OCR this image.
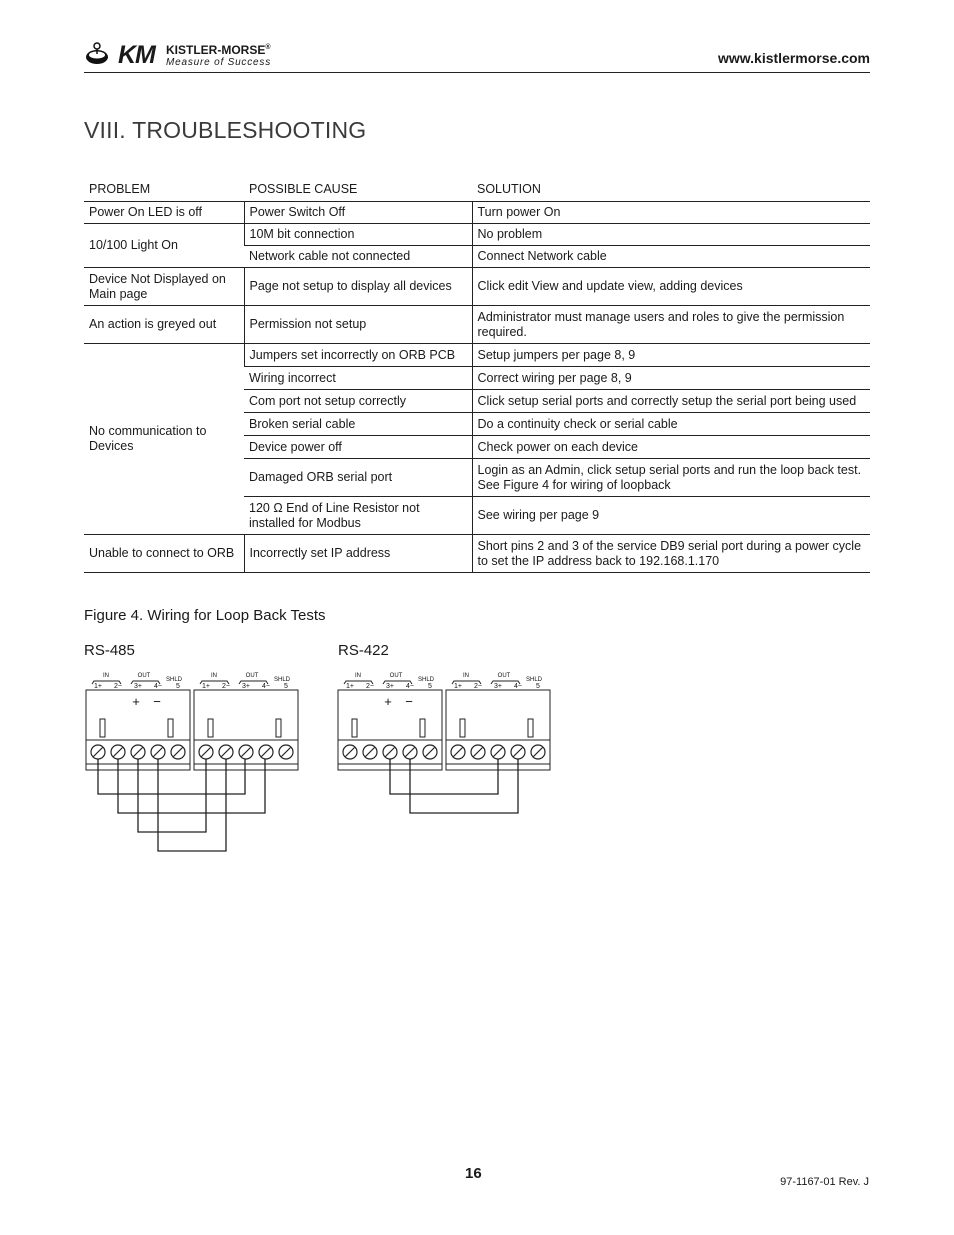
KM KISTLER-MORSE®
Measure of Success	www.kistlermorse.com
VIII. TROUBLESHOOTING
PROBLEM	POSSIBLE CAUSE	SOLUTION
Power On LED is off	Power Switch Off	Turn power On
10/100 Light On	10M bit connection	No problem
	Network cable not connected	Connect Network cable
Device Not Displayed on Main page	Page not setup to display all devices	Click edit View and update view, adding devices
An action is greyed out	Permission not setup	Administrator must manage users and roles to give the permission required.
No communication to Devices	Jumpers set incorrectly on ORB PCB	Setup jumpers per page 8, 9
	Wiring incorrect	Correct wiring per page 8, 9
	Com port not setup correctly	Click setup serial ports and correctly setup the serial port being used
	Broken serial cable	Do a continuity check or serial cable
	Device power off	Check power on each device
	Damaged ORB serial port	Login as an Admin, click setup serial ports and run the loop back test. See Figure 4 for wiring of loopback
	120 Ω End of Line Resistor not installed for Modbus	See wiring per page 9
Unable to connect to ORB	Incorrectly set IP address	Short pins 2 and 3 of the service DB9 serial port during a power cycle to set the IP address back to 192.168.1.170
Figure 4. Wiring for Loop Back Tests
RS-485	RS-422
IN	OUT
SHLD
1+ 2− 3+ 4− 5
+ −
IN	OUT
SHLD
1+ 2− 3+ 4− 5
IN	OUT
SHLD
1+ 2− 3+ 4− 5
+ −
IN	OUT
SHLD
1+ 2− 3+ 4− 5
16	97-1167-01 Rev. J
